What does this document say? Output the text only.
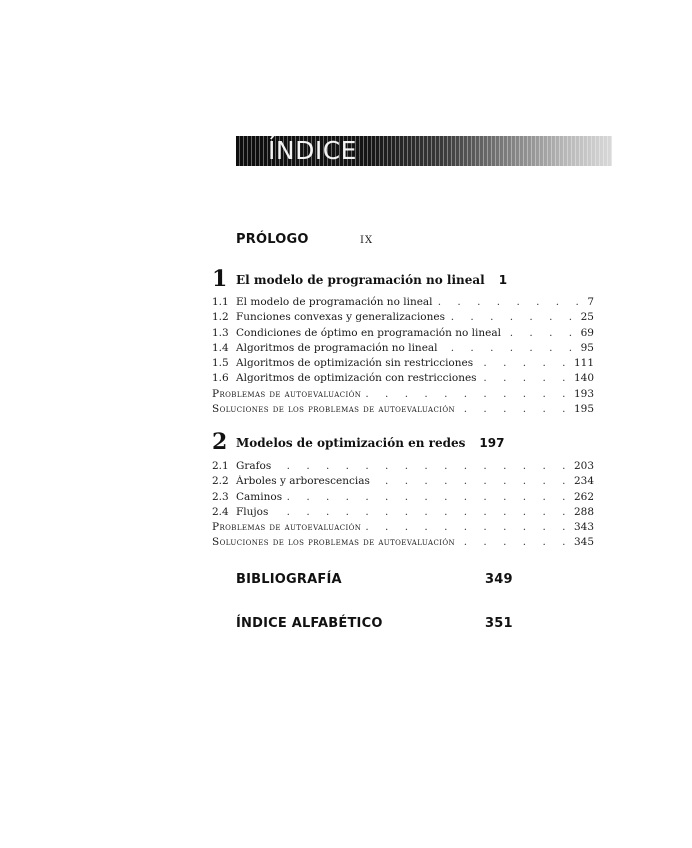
ÍNDICE
PRÓLOGO	IX
1 El modelo de programación no lineal 1
1.1 El modelo de programación no lineal . . .	7
1.2 Funciones convexas y generalizaciones . . .	25
1.3 Condiciones de óptimo en programación no lineal . . .	69
1.4 Algoritmos de programación no lineal . . .	95
1.5 Algoritmos de optimización sin restricciones . . .	111
1.6 Algoritmos de optimización con restricciones . . .	140
Problemas de autoevaluación . . .	193
Soluciones de los problemas de autoevaluación . . .	195
2 Modelos de optimización en redes 197
2.1 Grafos . . .	203
2.2 Árboles y arborescencias . . .	234
2.3 Caminos . . .	262
2.4 Flujos . . .	288
Problemas de autoevaluación . . .	343
Soluciones de los problemas de autoevaluación . . .	345
BIBLIOGRAFÍA	349
ÍNDICE ALFABÉTICO	351
